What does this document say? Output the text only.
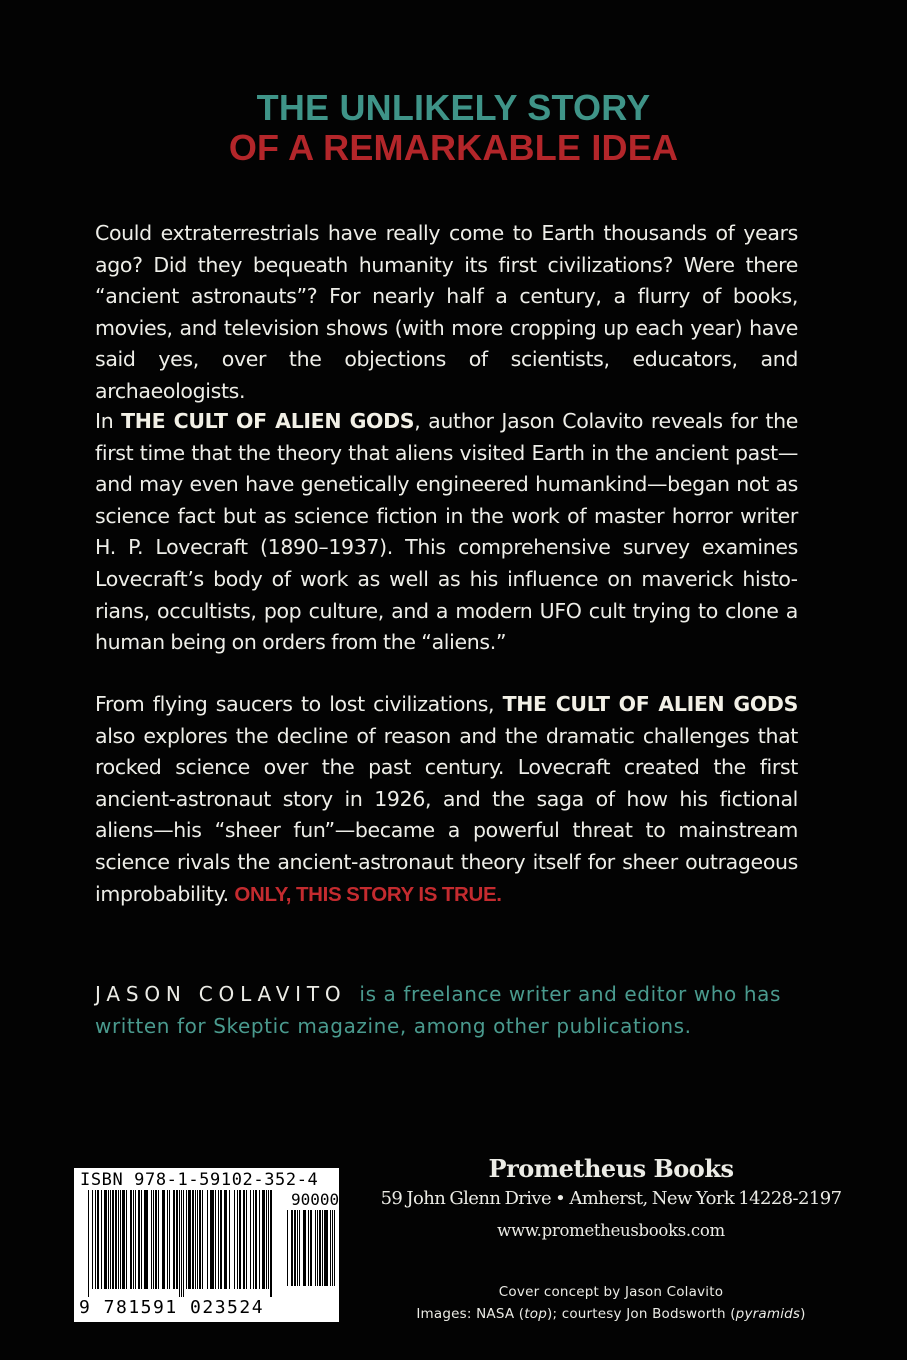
THE UNLIKELY STORY
OF A REMARKABLE IDEA
Could extraterrestrials have really come to Earth thousands of years ago? Did they bequeath humanity its first civilizations? Were there “ancient astronauts”? For nearly half a century, a flurry of books, movies, and television shows (with more cropping up each year) have said yes, over the objections of scientists, educators, and archaeologists.
In THE CULT OF ALIEN GODS, author Jason Colavito reveals for the first time that the theory that aliens visited Earth in the ancient past—and may even have genetically engineered humankind—began not as science fact but as science fiction in the work of master horror writer H. P. Lovecraft (1890–1937). This comprehensive survey examines Lovecraft’s body of work as well as his influence on maverick historians, occultists, pop culture, and a modern UFO cult trying to clone a human being on orders from the “aliens.”
From flying saucers to lost civilizations, THE CULT OF ALIEN GODS also explores the decline of reason and the dramatic challenges that rocked science over the past century. Lovecraft created the first ancient-astronaut story in 1926, and the saga of how his fictional aliens—his “sheer fun”—became a powerful threat to mainstream science rivals the ancient-astronaut theory itself for sheer outrageous improbability. ONLY, THIS STORY IS TRUE.
JASON COLAVITO is a freelance writer and editor who has written for Skeptic magazine, among other publications.
ISBN 978-1-59102-352-4
90000
9 781591 023524
Prometheus Books
59 John Glenn Drive • Amherst, New York 14228-2197
www.prometheusbooks.com
Cover concept by Jason Colavito
Images: NASA (top); courtesy Jon Bodsworth (pyramids)
